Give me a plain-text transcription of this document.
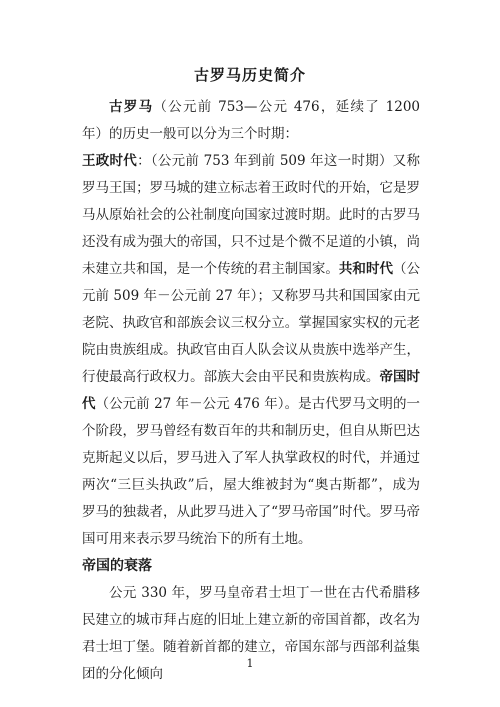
古罗马历史简介

古罗马（公元前 753—公元 476，延续了 1200 年）的历史一般可以分为三个时期：

王政时代：（公元前 753 年到前 509 年这一时期）又称罗马王国；罗马城的建立标志着王政时代的开始，它是罗马从原始社会的公社制度向国家过渡时期。此时的古罗马还没有成为强大的帝国，只不过是个微不足道的小镇，尚未建立共和国，是一个传统的君主制国家。共和时代（公元前 509 年－公元前 27 年）；又称罗马共和国国家由元老院、执政官和部族会议三权分立。掌握国家实权的元老院由贵族组成。执政官由百人队会议从贵族中选举产生，行使最高行政权力。部族大会由平民和贵族构成。帝国时代（公元前 27 年－公元 476 年）。是古代罗马文明的一个阶段，罗马曾经有数百年的共和制历史，但自从斯巴达克斯起义以后，罗马进入了军人执掌政权的时代，并通过两次“三巨头执政”后，屋大维被封为“奥古斯都”，成为罗马的独裁者，从此罗马进入了“罗马帝国”时代。罗马帝国可用来表示罗马统治下的所有土地。

帝国的衰落

公元 330 年，罗马皇帝君士坦丁一世在古代希腊移民建立的城市拜占庭的旧址上建立新的帝国首都，改名为君士坦丁堡。随着新首都的建立，帝国东部与西部利益集团的分化倾向

1
